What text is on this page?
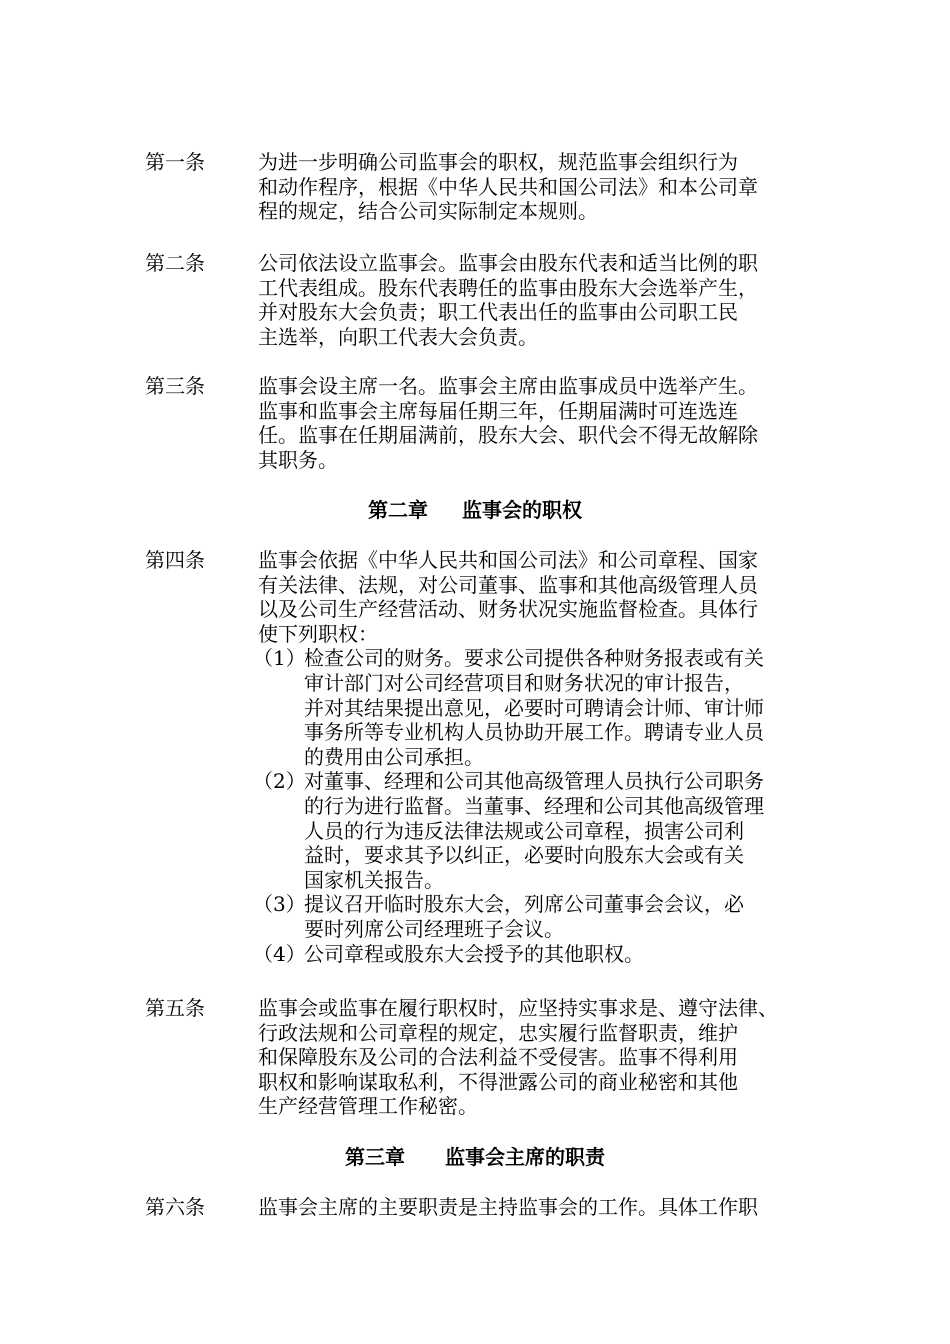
第一条	为进一步明确公司监事会的职权，规范监事会组织行为
和动作程序，根据《中华人民共和国公司法》和本公司章
程的规定，结合公司实际制定本规则。
第二条	公司依法设立监事会。监事会由股东代表和适当比例的职
工代表组成。股东代表聘任的监事由股东大会选举产生，
并对股东大会负责；职工代表出任的监事由公司职工民
主选举，向职工代表大会负责。
第三条	监事会设主席一名。监事会主席由监事成员中选举产生。
监事和监事会主席每届任期三年，任期届满时可连选连
任。监事在任期届满前，股东大会、职代会不得无故解除
其职务。
第二章 监事会的职权
第四条	监事会依据《中华人民共和国公司法》和公司章程、国家
有关法律、法规，对公司董事、监事和其他高级管理人员
以及公司生产经营活动、财务状况实施监督检查。具体行
使下列职权：
（1）
检查公司的财务。要求公司提供各种财务报表或有关
审计部门对公司经营项目和财务状况的审计报告，
并对其结果提出意见，必要时可聘请会计师、审计师
事务所等专业机构人员协助开展工作。聘请专业人员
的费用由公司承担。
（2）
对董事、经理和公司其他高级管理人员执行公司职务
的行为进行监督。当董事、经理和公司其他高级管理
人员的行为违反法律法规或公司章程，损害公司利
益时，要求其予以纠正，必要时向股东大会或有关
国家机关报告。
（3）
提议召开临时股东大会，列席公司董事会会议，必
要时列席公司经理班子会议。
（4）
公司章程或股东大会授予的其他职权。
第五条	监事会或监事在履行职权时，应坚持实事求是、遵守法律、
行政法规和公司章程的规定，忠实履行监督职责，维护
和保障股东及公司的合法利益不受侵害。监事不得利用
职权和影响谋取私利，不得泄露公司的商业秘密和其他
生产经营管理工作秘密。
第三章 监事会主席的职责
第六条	监事会主席的主要职责是主持监事会的工作。具体工作职
